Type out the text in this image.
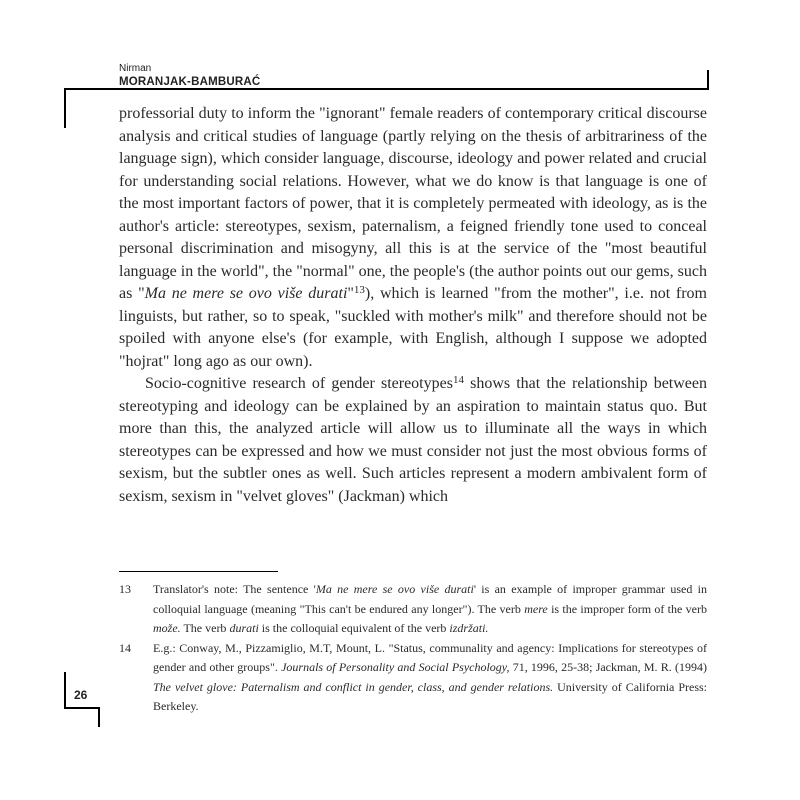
Nirman
MORANJAK-BAMBURAĆ

professorial duty to inform the "ignorant" female readers of contemporary critical discourse analysis and critical studies of language (partly relying on the thesis of arbitrariness of the language sign), which consider language, discourse, ideology and power related and crucial for understanding social relations. However, what we do know is that language is one of the most important factors of power, that it is completely permeated with ideology, as is the author's article: stereotypes, sexism, paternalism, a feigned friendly tone used to conceal personal discrimination and misogyny, all this is at the service of the "most beautiful language in the world", the "normal" one, the people's (the author points out our gems, such as "Ma ne mere se ovo više durati"$^{13}$), which is learned "from the mother", i.e. not from linguists, but rather, so to speak, "suckled with mother's milk" and therefore should not be spoiled with anyone else's (for example, with English, although I suppose we adopted "hojrat" long ago as our own).

Socio-cognitive research of gender stereotypes$^{14}$ shows that the relationship between stereotyping and ideology can be explained by an aspiration to maintain status quo. But more than this, the analyzed article will allow us to illuminate all the ways in which stereotypes can be expressed and how we must consider not just the most obvious forms of sexism, but the subtler ones as well. Such articles represent a modern ambivalent form of sexism, sexism in "velvet gloves" (Jackman) which

13	Translator's note: The sentence 'Ma ne mere se ovo više durati' is an example of improper grammar used in colloquial language (meaning "This can't be endured any longer"). The verb mere is the improper form of the verb može. The verb durati is the colloquial equivalent of the verb izdržati.
14	E.g.: Conway, M., Pizzamiglio, M.T, Mount, L. "Status, communality and agency: Implications for stereotypes of gender and other groups". Journals of Personality and Social Psychology, 71, 1996, 25-38; Jackman, M. R. (1994) The velvet glove: Paternalism and conflict in gender, class, and gender relations. University of California Press: Berkeley.
26
